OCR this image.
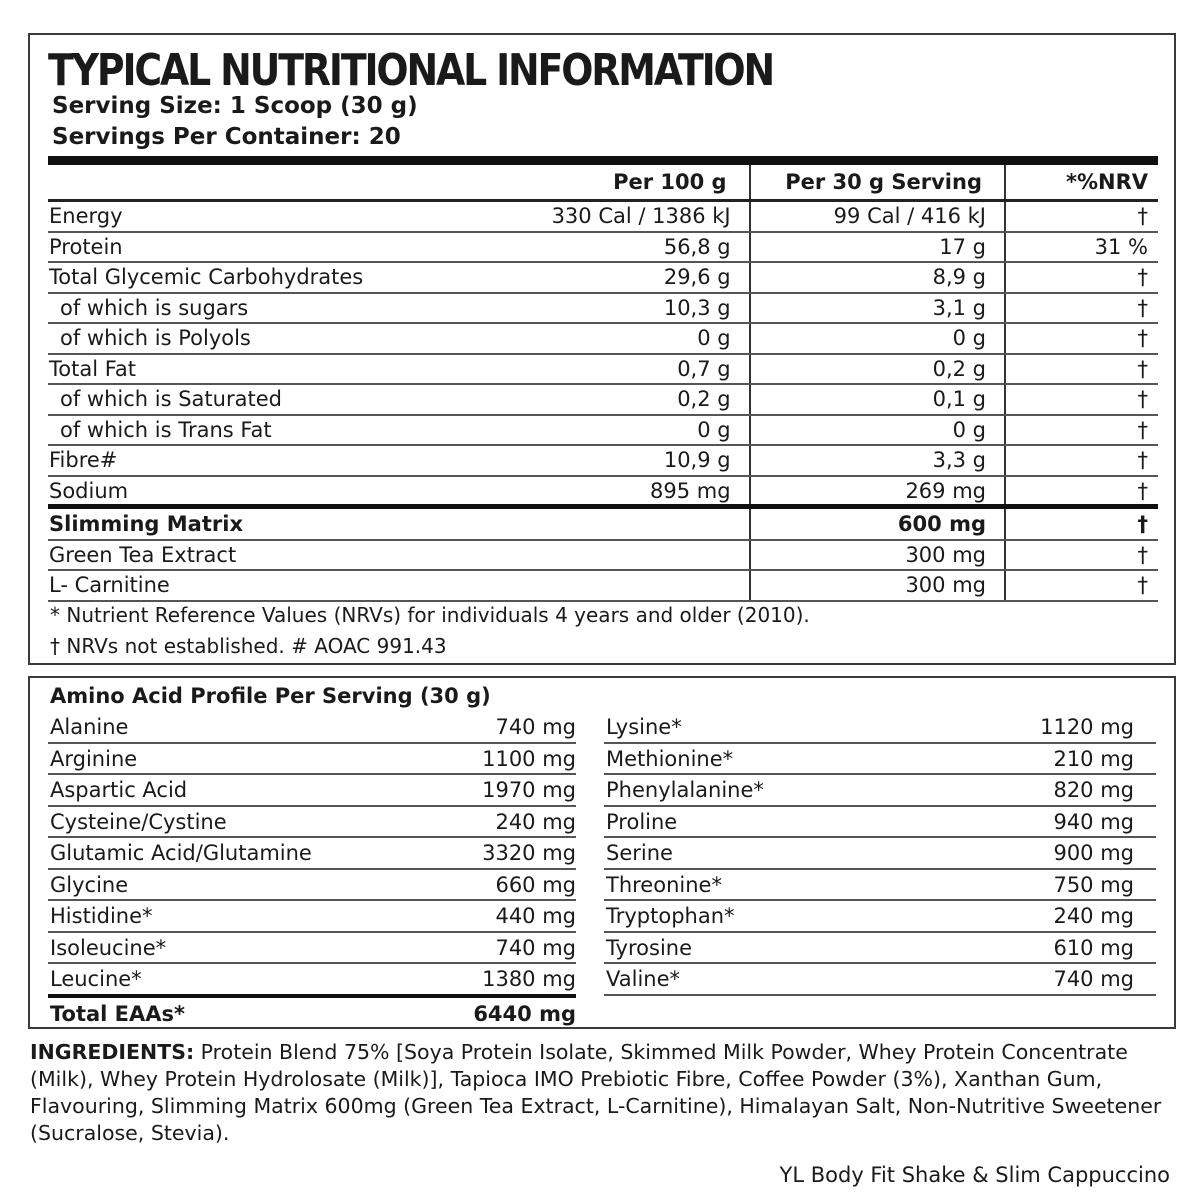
TYPICAL NUTRITIONAL INFORMATION
Serving Size: 1 Scoop (30 g)
Servings Per Container: 20
	Per 100 g	Per 30 g Serving	*%NRV
Energy	330 Cal / 1386 kJ	99 Cal / 416 kJ	†
Protein	56,8 g	17 g	31 %
Total Glycemic Carbohydrates	29,6 g	8,9 g	†
of which is sugars	10,3 g	3,1 g	†
of which is Polyols	0 g	0 g	†
Total Fat	0,7 g	0,2 g	†
of which is Saturated	0,2 g	0,1 g	†
of which is Trans Fat	0 g	0 g	†
Fibre#	10,9 g	3,3 g	†
Sodium	895 mg	269 mg	†
Slimming Matrix		600 mg	†
Green Tea Extract		300 mg	†
L- Carnitine		300 mg	†
* Nutrient Reference Values (NRVs) for individuals 4 years and older (2010).
† NRVs not established. # AOAC 991.43
Amino Acid Profile Per Serving (30 g)
Alanine	740 mg
Arginine	1100 mg
Aspartic Acid	1970 mg
Cysteine/Cystine	240 mg
Glutamic Acid/Glutamine	3320 mg
Glycine	660 mg
Histidine*	440 mg
Isoleucine*	740 mg
Leucine*	1380 mg
Total EAAs*	6440 mg
Lysine*	1120 mg
Methionine*	210 mg
Phenylalanine*	820 mg
Proline	940 mg
Serine	900 mg
Threonine*	750 mg
Tryptophan*	240 mg
Tyrosine	610 mg
Valine*	740 mg
INGREDIENTS: Protein Blend 75% [Soya Protein Isolate, Skimmed Milk Powder, Whey Protein Concentrate (Milk), Whey Protein Hydrolosate (Milk)], Tapioca IMO Prebiotic Fibre, Coffee Powder (3%), Xanthan Gum, Flavouring, Slimming Matrix 600mg (Green Tea Extract, L-Carnitine), Himalayan Salt, Non-Nutritive Sweetener (Sucralose, Stevia).
YL Body Fit Shake & Slim Cappuccino
